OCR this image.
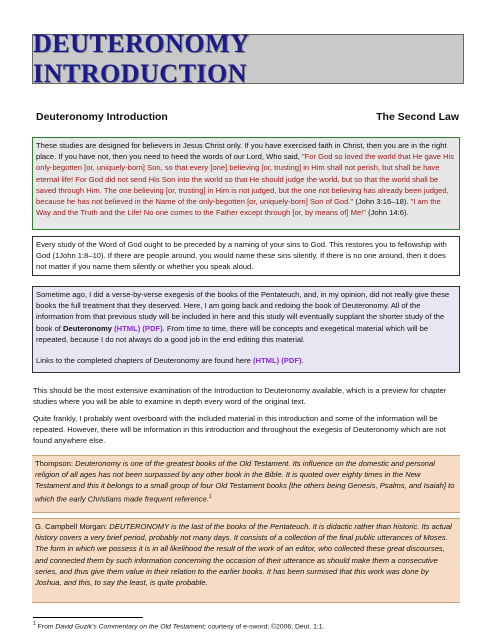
DEUTERONOMY INTRODUCTION
Deuteronomy Introduction	The Second Law

These studies are designed for believers in Jesus Christ only. If you have exercised faith in Christ, then you are in the right place. If you have not, then you need to heed the words of our Lord, Who said, "For God so loved the world that He gave His only-begotten [or, uniquely-born] Son, so that every [one] believing [or, trusting] in Him shall not perish, but shall be have eternal life! For God did not send His Son into the world so that He should judge the world, but so that the world shall be saved through Him. The one believing [or, trusting] in Him is not judged, but the one not believing has already been judged, because he has not believed in the Name of the only-begotten [or, uniquely-born] Son of God." (John 3:16–18). "I am the Way and the Truth and the Life! No one comes to the Father except through [or, by means of] Me!" (John 14:6).

Every study of the Word of God ought to be preceded by a naming of your sins to God. This restores you to fellowship with God (1John 1:8–10). If there are people around, you would name these sins silently. If there is no one around, then it does not matter if you name them silently or whether you speak aloud.

Sometime ago, I did a verse-by-verse exegesis of the books of the Pentateuch, and, in my opinion, did not really give these books the full treatment that they deserved. Here, I am going back and redoing the book of Deuteronomy. All of the information from that previous study will be included in here and this study will eventually supplant the shorter study of the book of Deuteronomy (HTML) (PDF). From time to time, there will be concepts and exegetical material which will be repeated, because I do not always do a good job in the end editing this material.

Links to the completed chapters of Deuteronomy are found here (HTML) (PDF).

This should be the most extensive examination of the Introduction to Deuteronomy available, which is a preview for chapter studies where you will be able to examine in depth every word of the original text.

Quite frankly, I probably went overboard with the included material in this introduction and some of the information will be repeated. However, there will be information in this introduction and throughout the exegesis of Deuteronomy which are not found anywhere else.

Thompson: Deuteronomy is one of the greatest books of the Old Testament. Its influence on the domestic and personal religion of all ages has not been surpassed by any other book in the Bible. It is quoted over eighty times in the New Testament and this it belongs to a small group of four Old Testament books [the others being Genesis, Psalms, and Isaiah] to which the early Christians made frequent reference.$^1$

G. Campbell Morgan: DEUTERONOMY is the last of the books of the Pentateuch. It is didactic rather than historic. Its actual history covers a very brief period, probably not many days. It consists of a collection of the final public utterances of Moses. The form in which we possess it is in all likelihood the result of the work of an editor, who collected these great discourses, and connected them by such information concerning the occasion of their utterance as should make them a consecutive series, and thus give them value in their relation to the earlier books. It has been surmised that this work was done by Joshua, and this, to say the least, is quite probable.

$^1$ From David Guzik's Commentary on the Old Testament; courtesy of e-sword; ©2006; Deut. 1:1.
